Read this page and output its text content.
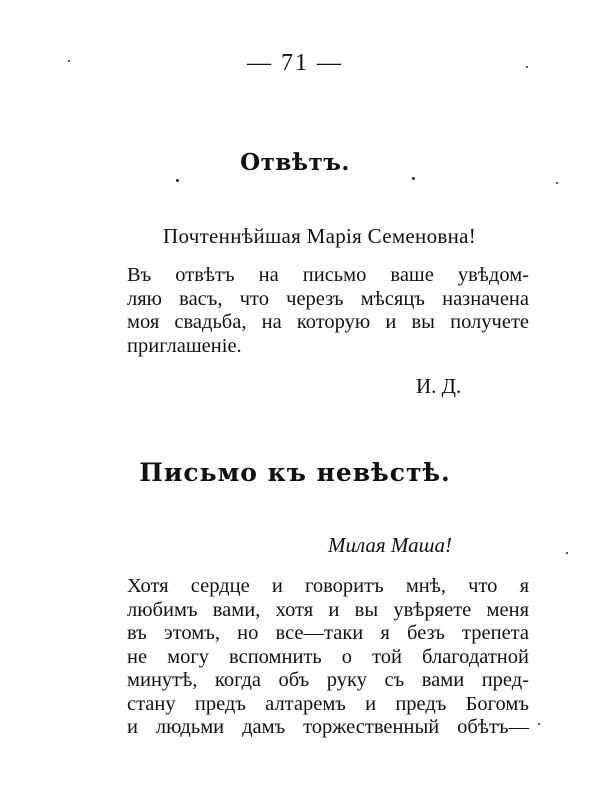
— 71 —
Отвѣтъ.
Почтеннѣйшая Марія Семеновна!
Въ отвѣтъ на письмо ваше увѣдом-
ляю васъ, что черезъ мѣсяцъ назначена
моя свадьба, на которую и вы получете
приглашеніе.
И. Д.
Письмо къ невѣстѣ.
Милая Маша!
Хотя сердце и говоритъ мнѣ, что я
любимъ вами, хотя и вы увѣряете меня
въ этомъ, но все—таки я безъ трепета
не могу вспомнить о той благодатной
минутѣ, когда объ руку съ вами пред-
стану предъ алтаремъ и предъ Богомъ
и людьми дамъ торжественный обѣтъ—
